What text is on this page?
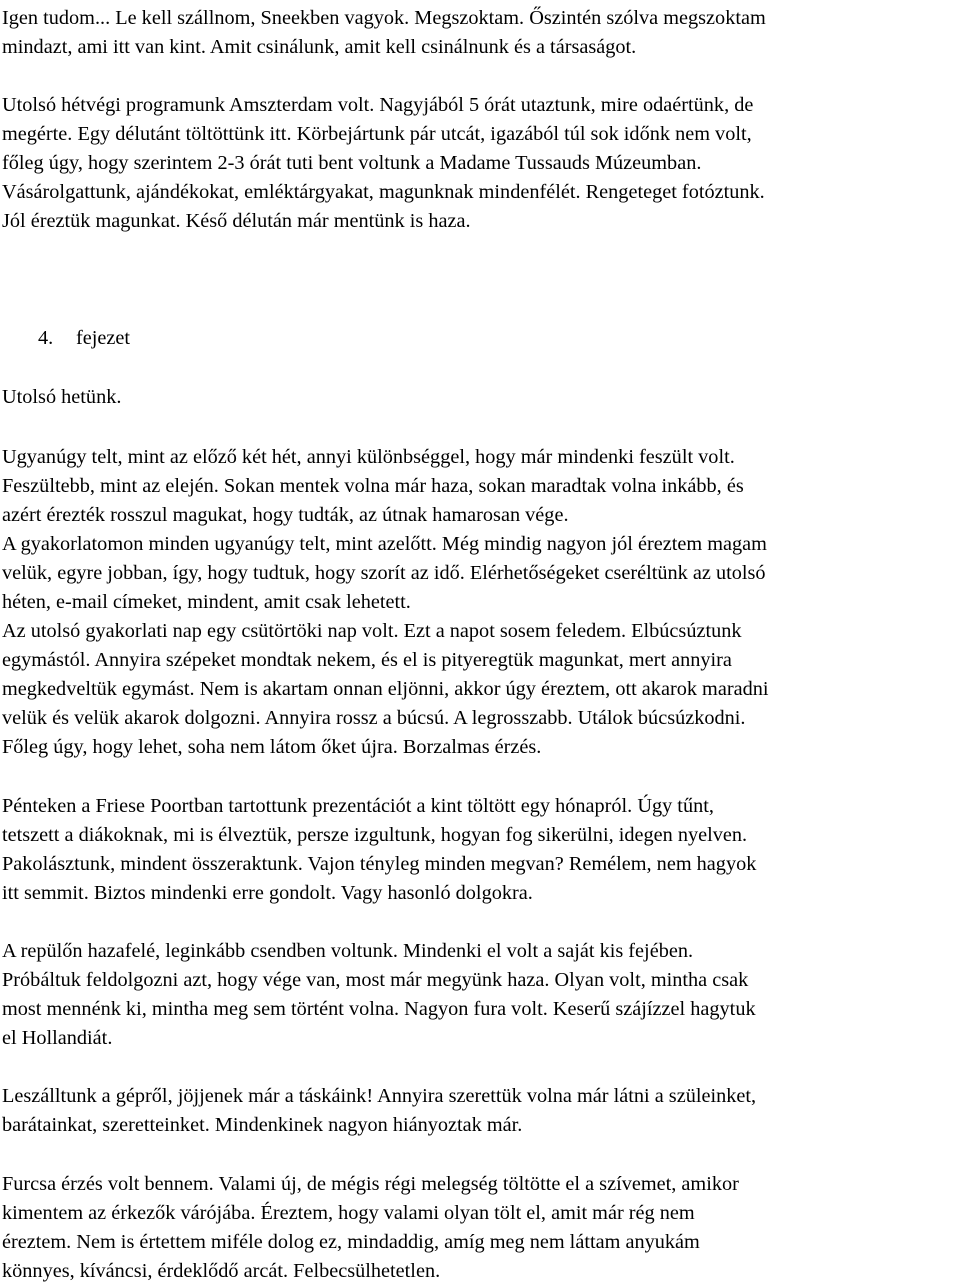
Igen tudom... Le kell szállnom, Sneekben vagyok. Megszoktam. Őszintén szólva megszoktam
mindazt, ami itt van kint. Amit csinálunk, amit kell csinálnunk és a társaságot.
Utolsó hétvégi programunk Amszterdam volt. Nagyjából 5 órát utaztunk, mire odaértünk, de
megérte. Egy délutánt töltöttünk itt. Körbejártunk pár utcát, igazából túl sok időnk nem volt,
főleg úgy, hogy szerintem 2-3 órát tuti bent voltunk a Madame Tussauds Múzeumban.
Vásárolgattunk, ajándékokat, emléktárgyakat, magunknak mindenfélét. Rengeteget fotóztunk.
Jól éreztük magunkat. Késő délután már mentünk is haza.
4. fejezet
Utolsó hetünk.
Ugyanúgy telt, mint az előző két hét, annyi különbséggel, hogy már mindenki feszült volt.
Feszültebb, mint az elején. Sokan mentek volna már haza, sokan maradtak volna inkább, és
azért érezték rosszul magukat, hogy tudták, az útnak hamarosan vége.
A gyakorlatomon minden ugyanúgy telt, mint azelőtt. Még mindig nagyon jól éreztem magam
velük, egyre jobban, így, hogy tudtuk, hogy szorít az idő. Elérhetőségeket cseréltünk az utolsó
héten, e-mail címeket, mindent, amit csak lehetett.
Az utolsó gyakorlati nap egy csütörtöki nap volt. Ezt a napot sosem feledem. Elbúcsúztunk
egymástól. Annyira szépeket mondtak nekem, és el is pityeregtük magunkat, mert annyira
megkedveltük egymást. Nem is akartam onnan eljönni, akkor úgy éreztem, ott akarok maradni
velük és velük akarok dolgozni. Annyira rossz a búcsú. A legrosszabb. Utálok búcsúzkodni.
Főleg úgy, hogy lehet, soha nem látom őket újra. Borzalmas érzés.
Pénteken a Friese Poortban tartottunk prezentációt a kint töltött egy hónapról. Úgy tűnt,
tetszett a diákoknak, mi is élveztük, persze izgultunk, hogyan fog sikerülni, idegen nyelven.
Pakolásztunk, mindent összeraktunk. Vajon tényleg minden megvan? Remélem, nem hagyok
itt semmit. Biztos mindenki erre gondolt. Vagy hasonló dolgokra.
A repülőn hazafelé, leginkább csendben voltunk. Mindenki el volt a saját kis fejében.
Próbáltuk feldolgozni azt, hogy vége van, most már megyünk haza. Olyan volt, mintha csak
most mennénk ki, mintha meg sem történt volna. Nagyon fura volt. Keserű szájízzel hagytuk
el Hollandiát.
Leszálltunk a gépről, jöjjenek már a táskáink! Annyira szerettük volna már látni a szüleinket,
barátainkat, szeretteinket. Mindenkinek nagyon hiányoztak már.
Furcsa érzés volt bennem. Valami új, de mégis régi melegség töltötte el a szívemet, amikor
kimentem az érkezők várójába. Éreztem, hogy valami olyan tölt el, amit már rég nem
éreztem. Nem is értettem miféle dolog ez, mindaddig, amíg meg nem láttam anyukám
könnyes, kíváncsi, érdeklődő arcát. Felbecsülhetetlen.
